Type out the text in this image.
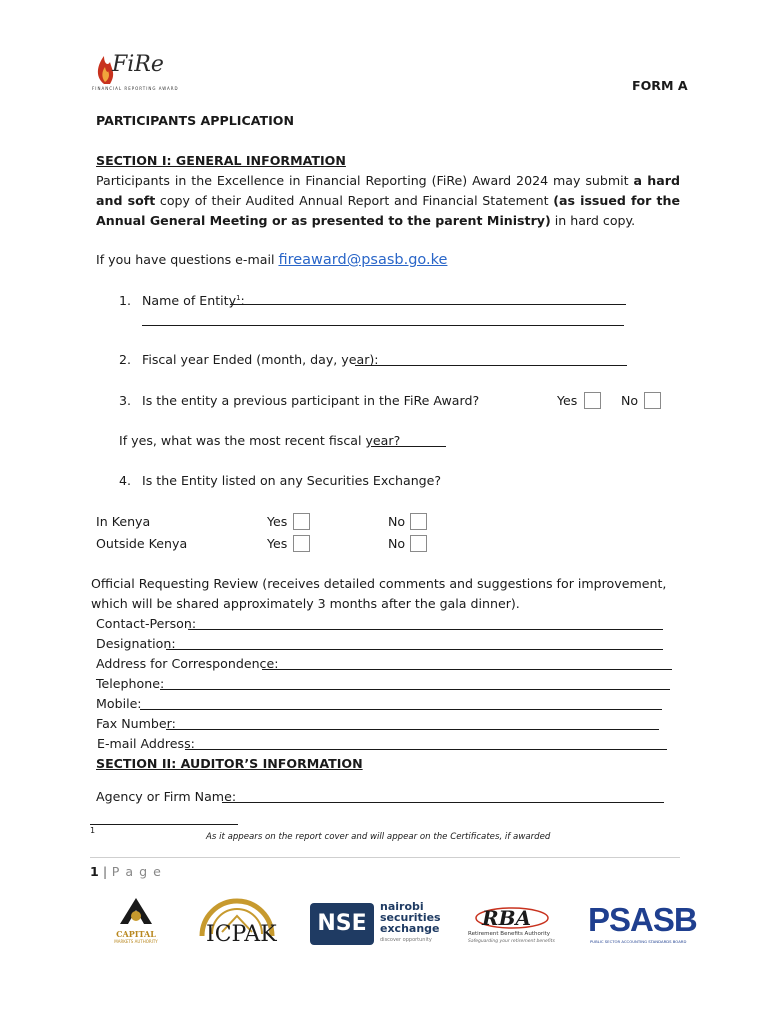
FiRe
FINANCIAL REPORTING AWARD	FORM A
PARTICIPANTS APPLICATION
SECTION I: GENERAL INFORMATION
Participants in the Excellence in Financial Reporting (FiRe) Award 2024 may submit a hard and soft copy of their Audited Annual Report and Financial Statement (as issued for the Annual General Meeting or as presented to the parent Ministry) in hard copy.
If you have questions e-mail fireaward@psasb.go.ke
1. Name of Entity$^1$:
2. Fiscal year Ended (month, day, year):
3. Is the entity a previous participant in the FiRe Award?	Yes	No
If yes, what was the most recent fiscal year?
4. Is the Entity listed on any Securities Exchange?
In Kenya	Yes	No
Outside Kenya	Yes	No
Official Requesting Review (receives detailed comments and suggestions for improvement, which will be shared approximately 3 months after the gala dinner).
Contact-Person:
Designation:
Address for Correspondence:
Telephone:
Mobile:
Fax Number:
E-mail Address:
SECTION II: AUDITOR’S INFORMATION
Agency or Firm Name:
1
As it appears on the report cover and will appear on the Certificates, if awarded
1 | P a g e
CAPITAL
MARKETS AUTHORITY	ICPAK	NSE
nairobi
securities
exchange
discover opportunity
RBA
Retirement Benefits Authority
Safeguarding your retirement benefits
PSASB
PUBLIC SECTOR ACCOUNTING STANDARDS BOARD
